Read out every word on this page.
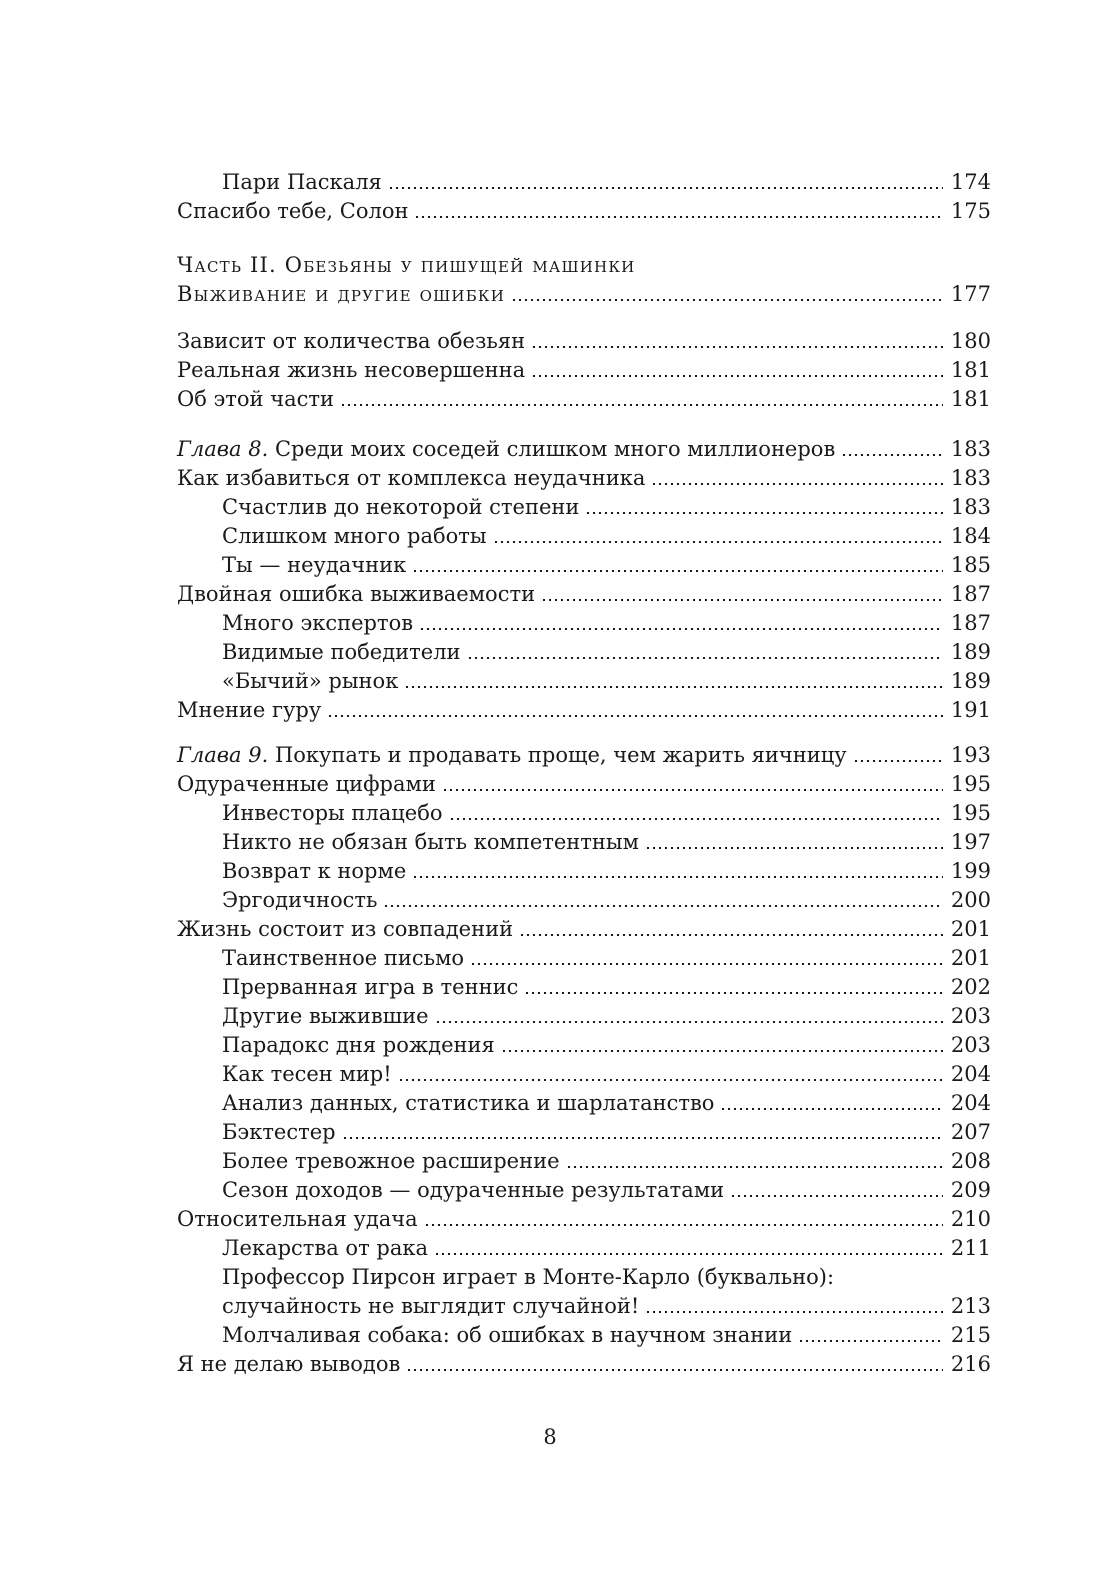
Пари Паскаля	174
Спасибо тебе, Солон	175
Часть II. Обезьяны у пишущей машинки
Выживание и другие ошибки	177
Зависит от количества обезьян	180
Реальная жизнь несовершенна	181
Об этой части	181
Глава 8. Среди моих соседей слишком много миллионеров	183
Как избавиться от комплекса неудачника	183
Счастлив до некоторой степени	183
Слишком много работы	184
Ты — неудачник	185
Двойная ошибка выживаемости	187
Много экспертов	187
Видимые победители	189
«Бычий» рынок	189
Мнение гуру	191
Глава 9. Покупать и продавать проще, чем жарить яичницу	193
Одураченные цифрами	195
Инвесторы плацебо	195
Никто не обязан быть компетентным	197
Возврат к норме	199
Эргодичность	200
Жизнь состоит из совпадений	201
Таинственное письмо	201
Прерванная игра в теннис	202
Другие выжившие	203
Парадокс дня рождения	203
Как тесен мир!	204
Анализ данных, статистика и шарлатанство	204
Бэктестер	207
Более тревожное расширение	208
Сезон доходов — одураченные результатами	209
Относительная удача	210
Лекарства от рака	211
Профессор Пирсон играет в Монте-Карло (буквально):
случайность не выглядит случайной!	213
Молчаливая собака: об ошибках в научном знании	215
Я не делаю выводов	216
8
